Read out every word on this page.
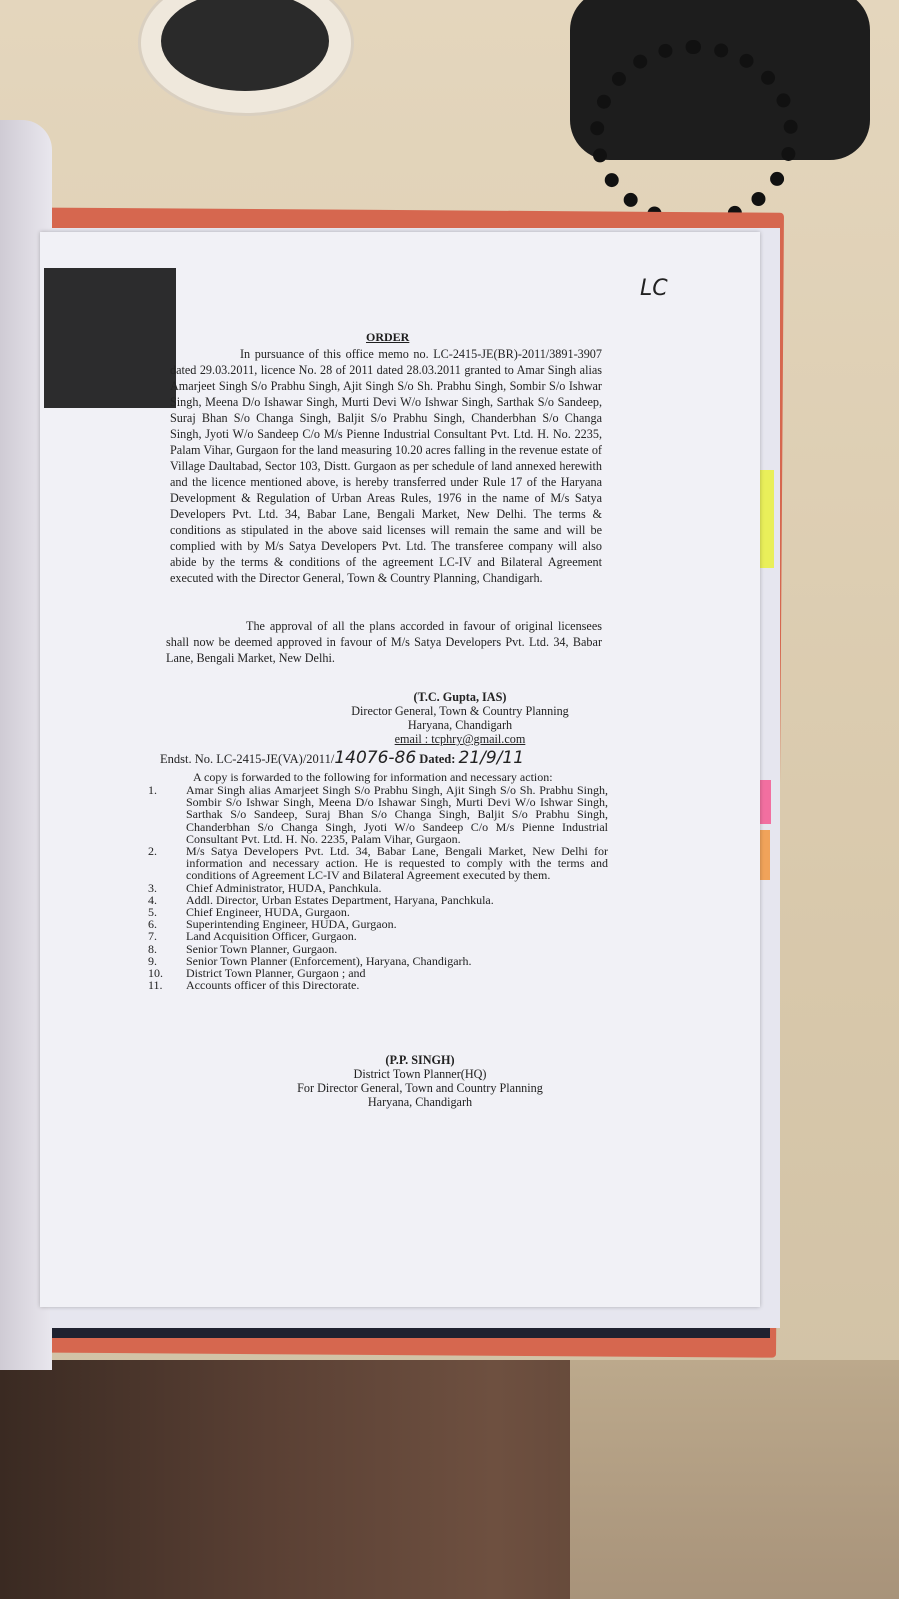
LC
ORDER
In pursuance of this office memo no. LC-2415-JE(BR)-2011/3891-3907 dated 29.03.2011, licence No. 28 of 2011 dated 28.03.2011 granted to Amar Singh alias Amarjeet Singh S/o Prabhu Singh, Ajit Singh S/o Sh. Prabhu Singh, Sombir S/o Ishwar Singh, Meena D/o Ishawar Singh, Murti Devi W/o Ishwar Singh, Sarthak S/o Sandeep, Suraj Bhan S/o Changa Singh, Baljit S/o Prabhu Singh, Chanderbhan S/o Changa Singh, Jyoti W/o Sandeep C/o M/s Pienne Industrial Consultant Pvt. Ltd. H. No. 2235, Palam Vihar, Gurgaon for the land measuring 10.20 acres falling in the revenue estate of Village Daultabad, Sector 103, Distt. Gurgaon as per schedule of land annexed herewith and the licence mentioned above, is hereby transferred under Rule 17 of the Haryana Development & Regulation of Urban Areas Rules, 1976 in the name of M/s Satya Developers Pvt. Ltd. 34, Babar Lane, Bengali Market, New Delhi. The terms & conditions as stipulated in the above said licenses will remain the same and will be complied with by M/s Satya Developers Pvt. Ltd. The transferee company will also abide by the terms & conditions of the agreement LC-IV and Bilateral Agreement executed with the Director General, Town & Country Planning, Chandigarh.
The approval of all the plans accorded in favour of original licensees shall now be deemed approved in favour of M/s Satya Developers Pvt. Ltd. 34, Babar Lane, Bengali Market, New Delhi.
(T.C. Gupta, IAS)
Director General, Town & Country Planning
Haryana, Chandigarh
email : tcphry@gmail.com
Endst. No. LC-2415-JE(VA)/2011/14076-86 Dated: 21/9/11
A copy is forwarded to the following for information and necessary action:
1.	Amar Singh alias Amarjeet Singh S/o Prabhu Singh, Ajit Singh S/o Sh. Prabhu Singh, Sombir S/o Ishwar Singh, Meena D/o Ishawar Singh, Murti Devi W/o Ishwar Singh, Sarthak S/o Sandeep, Suraj Bhan S/o Changa Singh, Baljit S/o Prabhu Singh, Chanderbhan S/o Changa Singh, Jyoti W/o Sandeep C/o M/s Pienne Industrial Consultant Pvt. Ltd. H. No. 2235, Palam Vihar, Gurgaon.
2.	M/s Satya Developers Pvt. Ltd. 34, Babar Lane, Bengali Market, New Delhi for information and necessary action. He is requested to comply with the terms and conditions of Agreement LC-IV and Bilateral Agreement executed by them.
3.	Chief Administrator, HUDA, Panchkula.
4.	Addl. Director, Urban Estates Department, Haryana, Panchkula.
5.	Chief Engineer, HUDA, Gurgaon.
6.	Superintending Engineer, HUDA, Gurgaon.
7.	Land Acquisition Officer, Gurgaon.
8.	Senior Town Planner, Gurgaon.
9.	Senior Town Planner (Enforcement), Haryana, Chandigarh.
10.	District Town Planner, Gurgaon ; and
11.	Accounts officer of this Directorate.
(P.P. SINGH)
District Town Planner(HQ)
For Director General, Town and Country Planning
Haryana, Chandigarh
